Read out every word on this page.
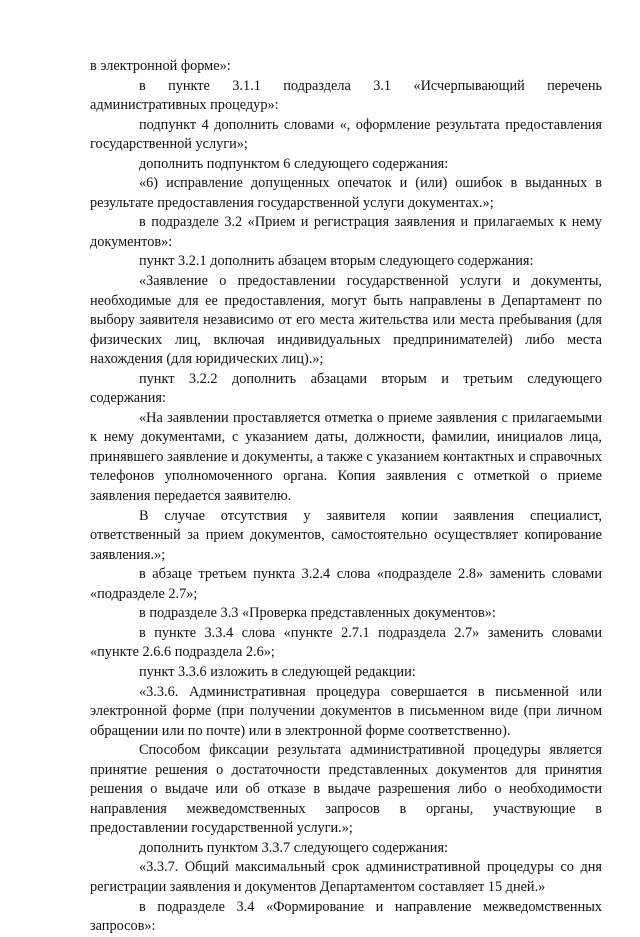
в электронной форме»:

в пункте 3.1.1 подраздела 3.1 «Исчерпывающий перечень административных процедур»:

подпункт 4 дополнить словами «, оформление результата предоставления государственной услуги»;

дополнить подпунктом 6 следующего содержания:

«6) исправление допущенных опечаток и (или) ошибок в выданных в результате предоставления государственной услуги документах.»;

в подразделе 3.2 «Прием и регистрация заявления и прилагаемых к нему документов»:

пункт 3.2.1 дополнить абзацем вторым следующего содержания:

«Заявление о предоставлении государственной услуги и документы, необходимые для ее предоставления, могут быть направлены в Департамент по выбору заявителя независимо от его места жительства или места пребывания (для физических лиц, включая индивидуальных предпринимателей) либо места нахождения (для юридических лиц).»;

пункт 3.2.2 дополнить абзацами вторым и третьим следующего содержания:

«На заявлении проставляется отметка о приеме заявления с прилагаемыми к нему документами, с указанием даты, должности, фамилии, инициалов лица, принявшего заявление и документы, а также с указанием контактных и справочных телефонов уполномоченного органа. Копия заявления с отметкой о приеме заявления передается заявителю.

В случае отсутствия у заявителя копии заявления специалист, ответственный за прием документов, самостоятельно осуществляет копирование заявления.»;

в абзаце третьем пункта 3.2.4 слова «подразделе 2.8» заменить словами «подразделе 2.7»;

в подразделе 3.3 «Проверка представленных документов»:

в пункте 3.3.4 слова «пункте 2.7.1 подраздела 2.7» заменить словами «пункте 2.6.6 подраздела 2.6»;

пункт 3.3.6 изложить в следующей редакции:

«3.3.6. Административная процедура совершается в письменной или электронной форме (при получении документов в письменном виде (при личном обращении или по почте) или в электронной форме соответственно).

Способом фиксации результата административной процедуры является принятие решения о достаточности представленных документов для принятия решения о выдаче или об отказе в выдаче разрешения либо о необходимости направления межведомственных запросов в органы, участвующие в предоставлении государственной услуги.»;

дополнить пунктом 3.3.7 следующего содержания:

«3.3.7. Общий максимальный срок административной процедуры со дня регистрации заявления и документов Департаментом составляет 15 дней.»

в подразделе 3.4 «Формирование и направление межведомственных запросов»:
